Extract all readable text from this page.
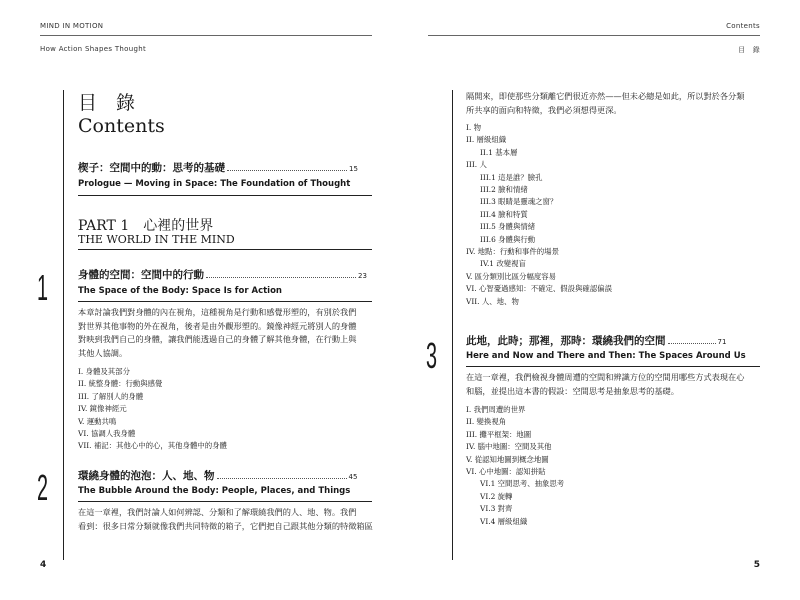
MIND IN MOTION
How Action Shapes Thought
目　錄
Contents
楔子：空間中的動：思考的基礎	15
Prologue — Moving in Space: The Foundation of Thought
PART 1　心裡的世界
THE WORLD IN THE MIND
1	身體的空間：空間中的行動	23
The Space of the Body: Space Is for Action
本章討論我們對身體的內在視角，這種視角是行動和感覺形塑的，有別於我們
對世界其他事物的外在視角，後者是由外觀形塑的。鏡像神經元將別人的身體
對映到我們自己的身體，讓我們能透過自己的身體了解其他身體，在行動上與
其他人協調。
I. 身體及其部分
II. 統整身體：行動與感覺
III. 了解別人的身體
IV. 鏡像神經元
V. 運動共鳴
VI. 協調人我身體
VII. 補記：其他心中的心，其他身體中的身體
2	環繞身體的泡泡：人、地、物	45
The Bubble Around the Body: People, Places, and Things
在這一章裡，我們討論人如何辨認、分類和了解環繞我們的人、地、物。我們
看到：很多日常分類就像我們共同特徵的箱子，它們把自己跟其他分類的特徵箱區
4
Contents
目　錄
隔開來，即使那些分類離它們很近亦然——但未必總是如此，所以對於各分類
所共享的面向和特徵，我們必須想得更深。
I. 物
II. 層級組織
II.1 基本層
III. 人
III.1 這是誰？臉孔
III.2 臉和情緒
III.3 眼睛是靈魂之窗？
III.4 臉和特質
III.5 身體與情緒
III.6 身體與行動
IV. 地點：行動和事件的場景
IV.1 改變視盲
V. 區分類別比區分幅度容易
VI. 心智憂過感知：不確定、假設與確認偏誤
VII. 人、地、物
3	此地，此時；那裡，那時：環繞我們的空間	71
Here and Now and There and Then: The Spaces Around Us
在這一章裡，我們檢視身體周遭的空間和辨識方位的空間用哪些方式表現在心
和腦，並提出這本書的假設：空間思考是抽象思考的基礎。
I. 我們周遭的世界
II. 變換視角
III. 攤平框架：地圖
IV. 腦中地圖：空間及其他
V. 從認知地圖到概念地圖
VI. 心中地圖：認知拼貼
VI.1 空間思考、抽象思考
VI.2 旋轉
VI.3 對齊
VI.4 層級組織
5
